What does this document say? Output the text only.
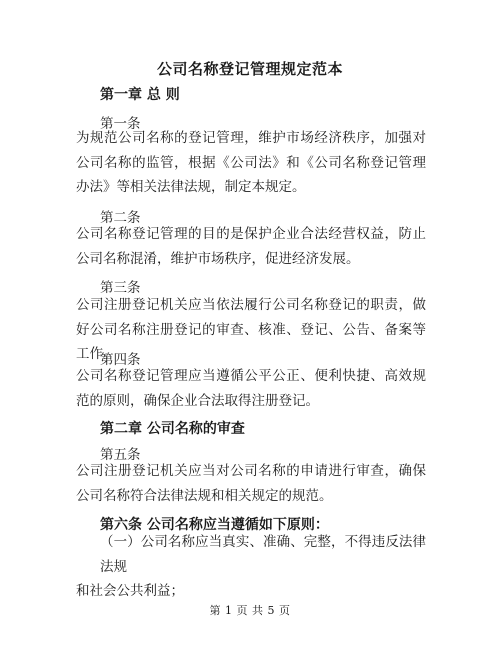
公司名称登记管理规定范本
第一章 总 则
第一条
为规范公司名称的登记管理，维护市场经济秩序，加强对公司名称的监管，根据《公司法》和《公司名称登记管理办法》等相关法律法规，制定本规定。
第二条
公司名称登记管理的目的是保护企业合法经营权益，防止公司名称混淆，维护市场秩序，促进经济发展。
第三条
公司注册登记机关应当依法履行公司名称登记的职责，做好公司名称注册登记的审查、核准、登记、公告、备案等工作。
第四条
公司名称登记管理应当遵循公平公正、便利快捷、高效规范的原则，确保企业合法取得注册登记。
第二章 公司名称的审查
第五条
公司注册登记机关应当对公司名称的申请进行审查，确保公司名称符合法律法规和相关规定的规范。
第六条 公司名称应当遵循如下原则：
（一）公司名称应当真实、准确、完整，不得违反法律法规
和社会公共利益；
第 1 页 共 5 页
